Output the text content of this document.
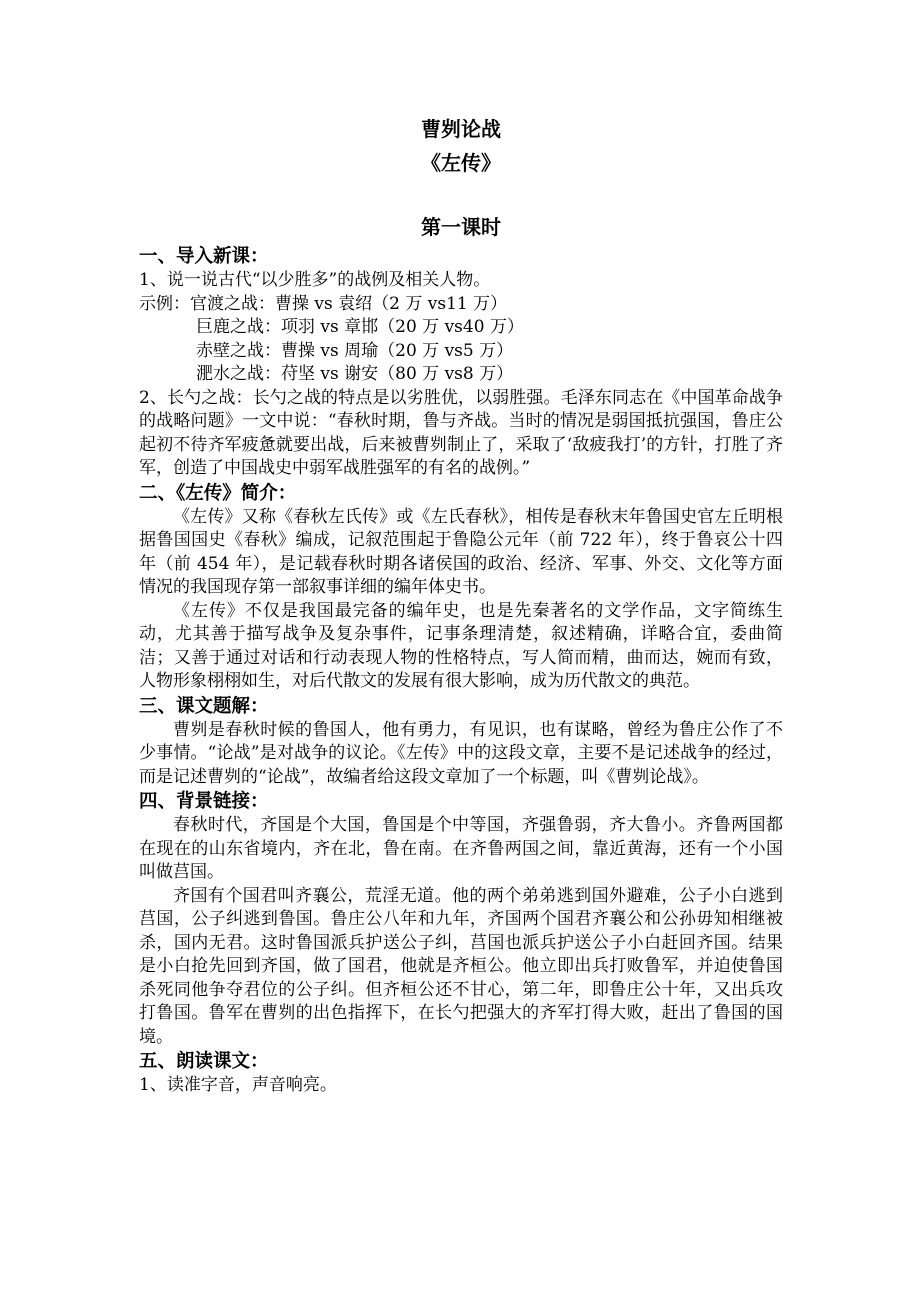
曹刿论战
《左传》
第一课时
一、导入新课：
1、说一说古代“以少胜多”的战例及相关人物。
示例：官渡之战：曹操 vs 袁绍（2 万 vs11 万）
巨鹿之战：项羽 vs 章邯（20 万 vs40 万）
赤壁之战：曹操 vs 周瑜（20 万 vs5 万）
淝水之战：苻坚 vs 谢安（80 万 vs8 万）
2、长勺之战：长勺之战的特点是以劣胜优，以弱胜强。毛泽东同志在《中国革命战争的战略问题》一文中说：“春秋时期，鲁与齐战。当时的情况是弱国抵抗强国，鲁庄公起初不待齐军疲惫就要出战，后来被曹刿制止了，采取了‘敌疲我打’的方针，打胜了齐军，创造了中国战史中弱军战胜强军的有名的战例。”
二、《左传》简介：
《左传》又称《春秋左氏传》或《左氏春秋》，相传是春秋末年鲁国史官左丘明根据鲁国国史《春秋》编成，记叙范围起于鲁隐公元年（前 722 年），终于鲁哀公十四年（前 454 年），是记载春秋时期各诸侯国的政治、经济、军事、外交、文化等方面情况的我国现存第一部叙事详细的编年体史书。
《左传》不仅是我国最完备的编年史，也是先秦著名的文学作品，文字简练生动，尤其善于描写战争及复杂事件，记事条理清楚，叙述精确，详略合宜，委曲简洁；又善于通过对话和行动表现人物的性格特点，写人简而精，曲而达，婉而有致，人物形象栩栩如生，对后代散文的发展有很大影响，成为历代散文的典范。
三、课文题解：
曹刿是春秋时候的鲁国人，他有勇力，有见识，也有谋略，曾经为鲁庄公作了不少事情。“论战”是对战争的议论。《左传》中的这段文章，主要不是记述战争的经过，而是记述曹刿的“论战”，故编者给这段文章加了一个标题，叫《曹刿论战》。
四、背景链接：
春秋时代，齐国是个大国，鲁国是个中等国，齐强鲁弱，齐大鲁小。齐鲁两国都在现在的山东省境内，齐在北，鲁在南。在齐鲁两国之间，靠近黄海，还有一个小国叫做莒国。
齐国有个国君叫齐襄公，荒淫无道。他的两个弟弟逃到国外避难，公子小白逃到莒国，公子纠逃到鲁国。鲁庄公八年和九年，齐国两个国君齐襄公和公孙毋知相继被杀，国内无君。这时鲁国派兵护送公子纠，莒国也派兵护送公子小白赶回齐国。结果是小白抢先回到齐国，做了国君，他就是齐桓公。他立即出兵打败鲁军，并迫使鲁国杀死同他争夺君位的公子纠。但齐桓公还不甘心，第二年，即鲁庄公十年，又出兵攻打鲁国。鲁军在曹刿的出色指挥下，在长勺把强大的齐军打得大败，赶出了鲁国的国境。
五、朗读课文：
1、读准字音，声音响亮。
